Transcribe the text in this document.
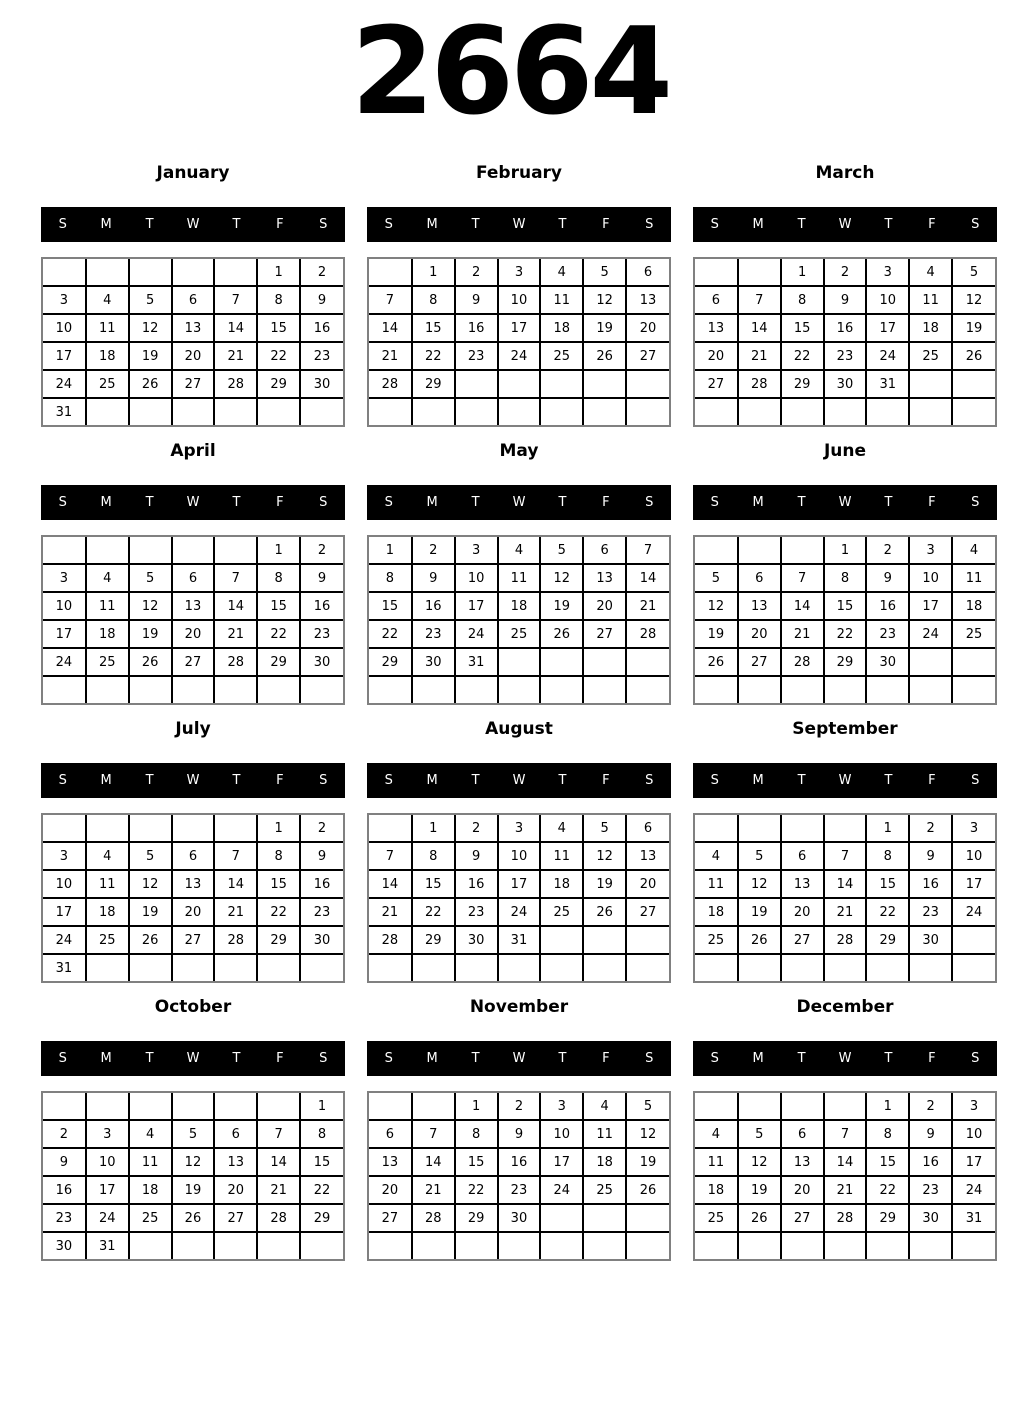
2664
January
S	M	T	W	T	F	S
					1	2
3	4	5	6	7	8	9
10	11	12	13	14	15	16
17	18	19	20	21	22	23
24	25	26	27	28	29	30
31						
February
S	M	T	W	T	F	S
	1	2	3	4	5	6
7	8	9	10	11	12	13
14	15	16	17	18	19	20
21	22	23	24	25	26	27
28	29					

March
S	M	T	W	T	F	S
		1	2	3	4	5
6	7	8	9	10	11	12
13	14	15	16	17	18	19
20	21	22	23	24	25	26
27	28	29	30	31		

April
S	M	T	W	T	F	S
					1	2
3	4	5	6	7	8	9
10	11	12	13	14	15	16
17	18	19	20	21	22	23
24	25	26	27	28	29	30

May
S	M	T	W	T	F	S
1	2	3	4	5	6	7
8	9	10	11	12	13	14
15	16	17	18	19	20	21
22	23	24	25	26	27	28
29	30	31				

June
S	M	T	W	T	F	S
			1	2	3	4
5	6	7	8	9	10	11
12	13	14	15	16	17	18
19	20	21	22	23	24	25
26	27	28	29	30		

July
S	M	T	W	T	F	S
					1	2
3	4	5	6	7	8	9
10	11	12	13	14	15	16
17	18	19	20	21	22	23
24	25	26	27	28	29	30
31						
August
S	M	T	W	T	F	S
	1	2	3	4	5	6
7	8	9	10	11	12	13
14	15	16	17	18	19	20
21	22	23	24	25	26	27
28	29	30	31			

September
S	M	T	W	T	F	S
				1	2	3
4	5	6	7	8	9	10
11	12	13	14	15	16	17
18	19	20	21	22	23	24
25	26	27	28	29	30	

October
S	M	T	W	T	F	S
						1
2	3	4	5	6	7	8
9	10	11	12	13	14	15
16	17	18	19	20	21	22
23	24	25	26	27	28	29
30	31					
November
S	M	T	W	T	F	S
		1	2	3	4	5
6	7	8	9	10	11	12
13	14	15	16	17	18	19
20	21	22	23	24	25	26
27	28	29	30			

December
S	M	T	W	T	F	S
				1	2	3
4	5	6	7	8	9	10
11	12	13	14	15	16	17
18	19	20	21	22	23	24
25	26	27	28	29	30	31
